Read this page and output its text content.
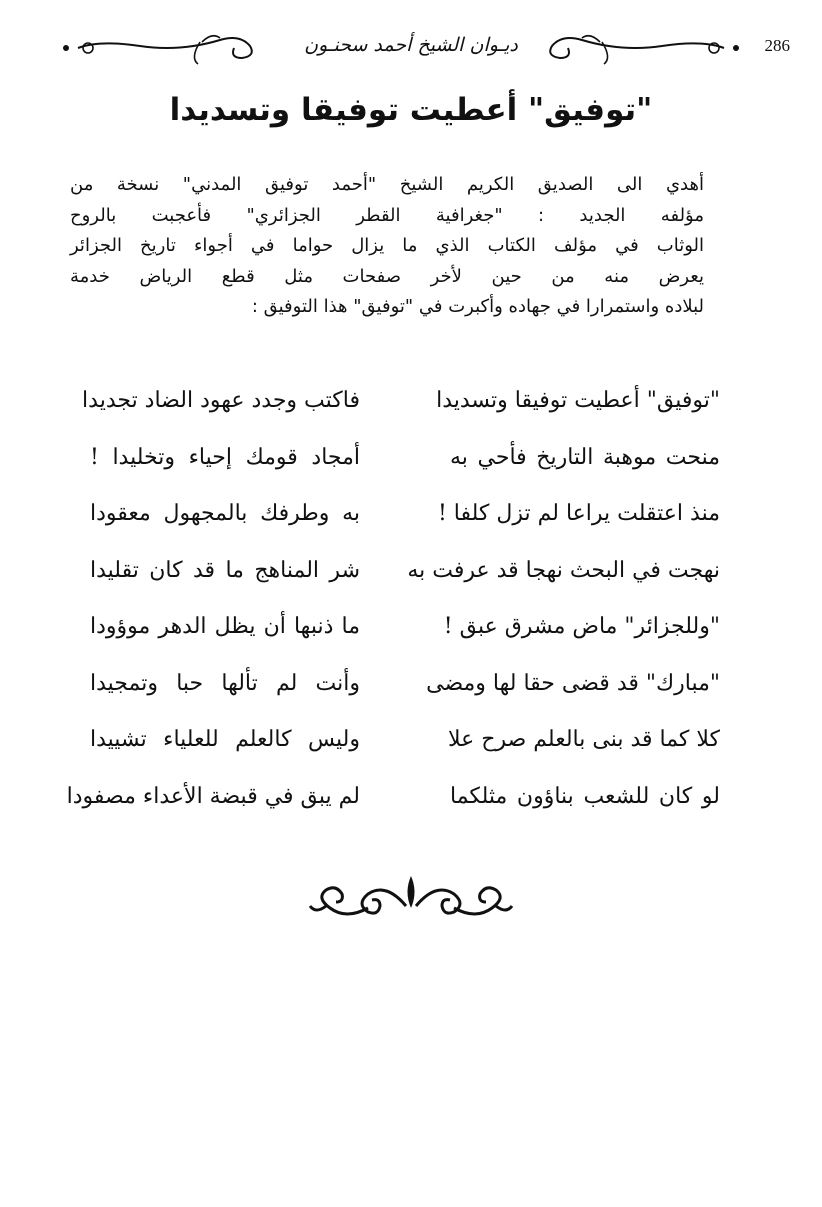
286
ديـوان الشيخ أحمد سحنـون
"توفيق" أعطيت توفيقا وتسديدا
أهدي الى الصديق الكريم الشيخ "أحمد توفيق المدني" نسخة من
مؤلفه الجديد : "جغرافية القطر الجزائري" فأعجبت بالروح
الوثاب في مؤلف الكتاب الذي ما يزال حواما في أجواء تاريخ الجزائر
يعرض منه من حين لأخر صفحات مثل قطع الرياض خدمة
لبلاده واستمرارا في جهاده وأكبرت في "توفيق" هذا التوفيق :
"توفيق" أعطيت توفيقا وتسديدا
فاكتب وجدد عهود الضاد تجديدا
منحت موهبة التاريخ فأحي به
أمجاد قومك إحياء وتخليدا !
منذ اعتقلت يراعا لم تزل كلفا !
به وطرفك بالمجهول معقودا
نهجت في البحث نهجا قد عرفت به
شر المناهج ما قد كان تقليدا
"وللجزائر" ماض مشرق عبق !
ما ذنبها أن يظل الدهر موؤودا
"مبارك" قد قضى حقا لها ومضى
وأنت لم تألها حبا وتمجيدا
كلا كما قد بنى بالعلم صرح علا
وليس كالعلم للعلياء تشييدا
لو كان للشعب بناؤون مثلكما
لم يبق في قبضة الأعداء مصفودا
